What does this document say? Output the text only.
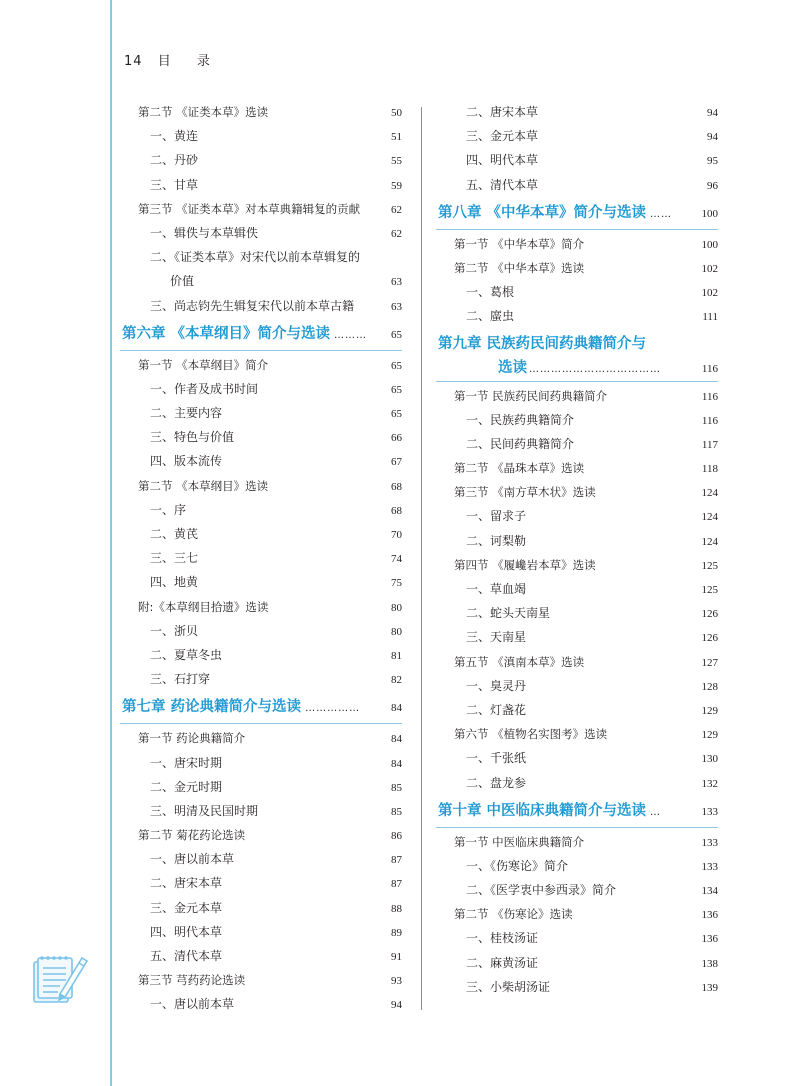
14 目 录
第二节 《证类本草》选读	50
一、黄连	51
二、丹砂	55
三、甘草	59
第三节 《证类本草》对本草典籍辑复的贡献	62
一、辑佚与本草辑佚	62
二、《证类本草》对宋代以前本草辑复的
价值	63
三、尚志钧先生辑复宋代以前本草古籍	63
第六章 《本草纲目》简介与选读 ………	65
第一节 《本草纲目》简介	65
一、作者及成书时间	65
二、主要内容	65
三、特色与价值	66
四、版本流传	67
第二节 《本草纲目》选读	68
一、序	68
二、黄芪	70
三、三七	74
四、地黄	75
附:《本草纲目拾遗》选读	80
一、浙贝	80
二、夏草冬虫	81
三、石打穿	82
第七章 药论典籍简介与选读 ……………	84
第一节 药论典籍简介	84
一、唐宋时期	84
二、金元时期	85
三、明清及民国时期	85
第二节 菊花药论选读	86
一、唐以前本草	87
二、唐宋本草	87
三、金元本草	88
四、明代本草	89
五、清代本草	91
第三节 芎药药论选读	93
一、唐以前本草	94
二、唐宋本草	94
三、金元本草	94
四、明代本草	95
五、清代本草	96
第八章 《中华本草》简介与选读 ……	100
第一节 《中华本草》简介	100
第二节 《中华本草》选读	102
一、葛根	102
二、䗪虫	111
第九章 民族药民间药典籍简介与
选读 ………………………………	116
第一节 民族药民间药典籍简介	116
一、民族药典籍简介	116
二、民间药典籍简介	117
第二节 《晶珠本草》选读	118
第三节 《南方草木状》选读	124
一、留求子	124
二、诃梨勒	124
第四节 《履巉岩本草》选读	125
一、草血竭	125
二、蛇头天南星	126
三、天南星	126
第五节 《滇南本草》选读	127
一、臭灵丹	128
二、灯盏花	129
第六节 《植物名实图考》选读	129
一、千张纸	130
二、盘龙参	132
第十章 中医临床典籍简介与选读 …	133
第一节 中医临床典籍简介	133
一、《伤寒论》简介	133
二、《医学衷中参西录》简介	134
第二节 《伤寒论》选读	136
一、桂枝汤证	136
二、麻黄汤证	138
三、小柴胡汤证	139
